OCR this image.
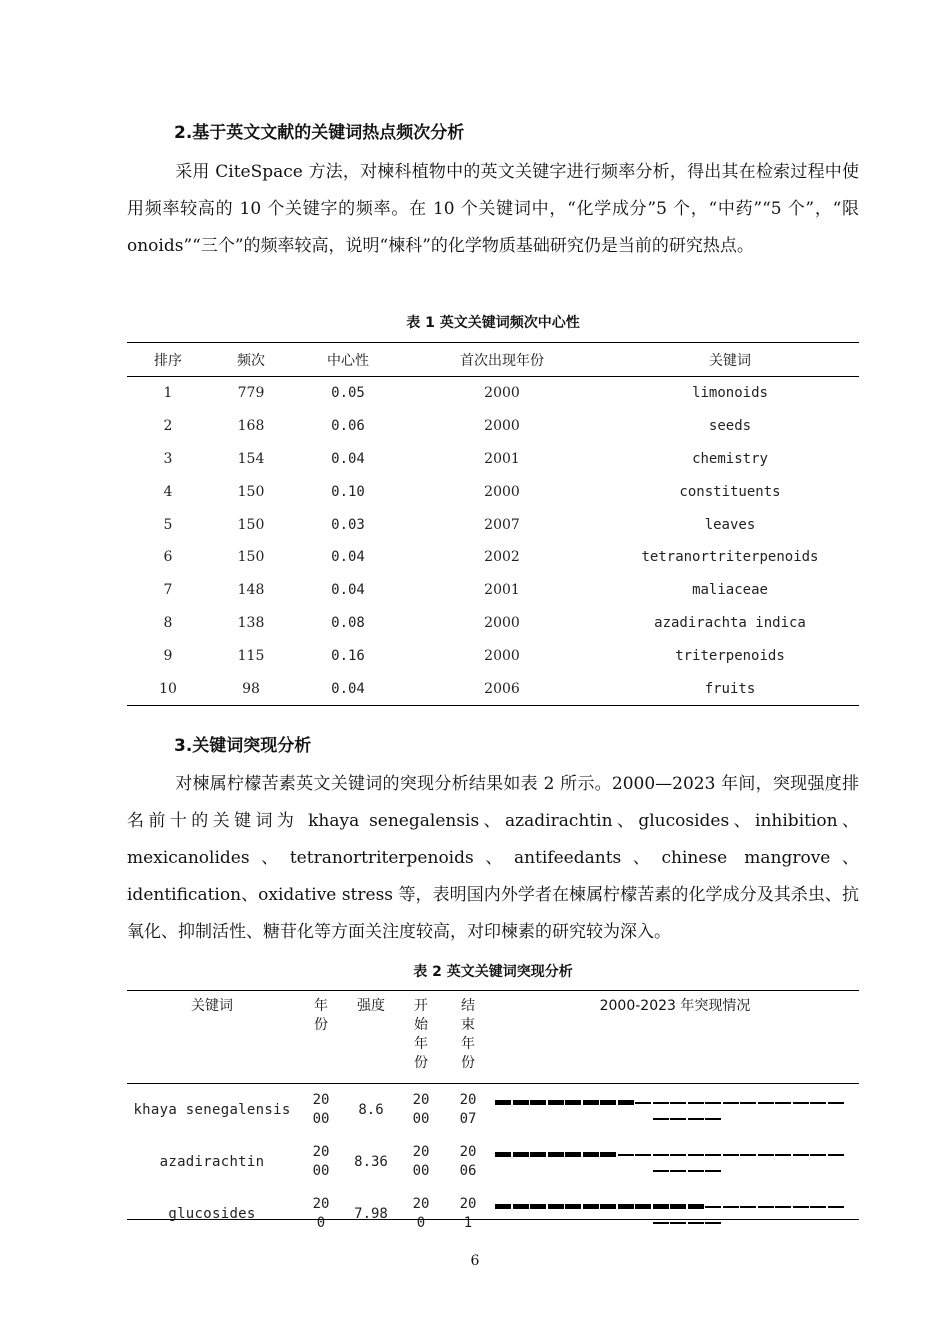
2.基于英文文献的关键词热点频次分析
采用 CiteSpace 方法，对楝科植物中的英文关键字进行频率分析，得出其在检索过程中使用频率较高的 10 个关键字的频率。在 10 个关键词中，“化学成分”5 个，“中药”“5 个”，“限 onoids”“三个”的频率较高，说明“楝科”的化学物质基础研究仍是当前的研究热点。
表 1 英文关键词频次中心性
排序	频次	中心性	首次出现年份	关键词
1	779	0.05	2000	limonoids
2	168	0.06	2000	seeds
3	154	0.04	2001	chemistry
4	150	0.10	2000	constituents
5	150	0.03	2007	leaves
6	150	0.04	2002	tetranortriterpenoids
7	148	0.04	2001	maliaceae
8	138	0.08	2000	azadirachta indica
9	115	0.16	2000	triterpenoids
10	98	0.04	2006	fruits
3.关键词突现分析
对楝属柠檬苦素英文关键词的突现分析结果如表 2 所示。2000—2023 年间，突现强度排名前十的关键词为 khaya senegalensis、azadirachtin、glucosides、inhibition、mexicanolides、tetranortriterpenoids、antifeedants、chinese mangrove、identification、oxidative stress 等，表明国内外学者在楝属柠檬苦素的化学成分及其杀虫、抗氧化、抑制活性、糖苷化等方面关注度较高，对印楝素的研究较为深入。
表 2 英文关键词突现分析
关键词	年份	强度	开始年份	结束年份	2000-2023 年突现情况
khaya senegalensis	2000	8.6	2000	2007	

azadirachtin	2000	8.36	2000	2006	

glucosides	200	7.98	200	201	

6
